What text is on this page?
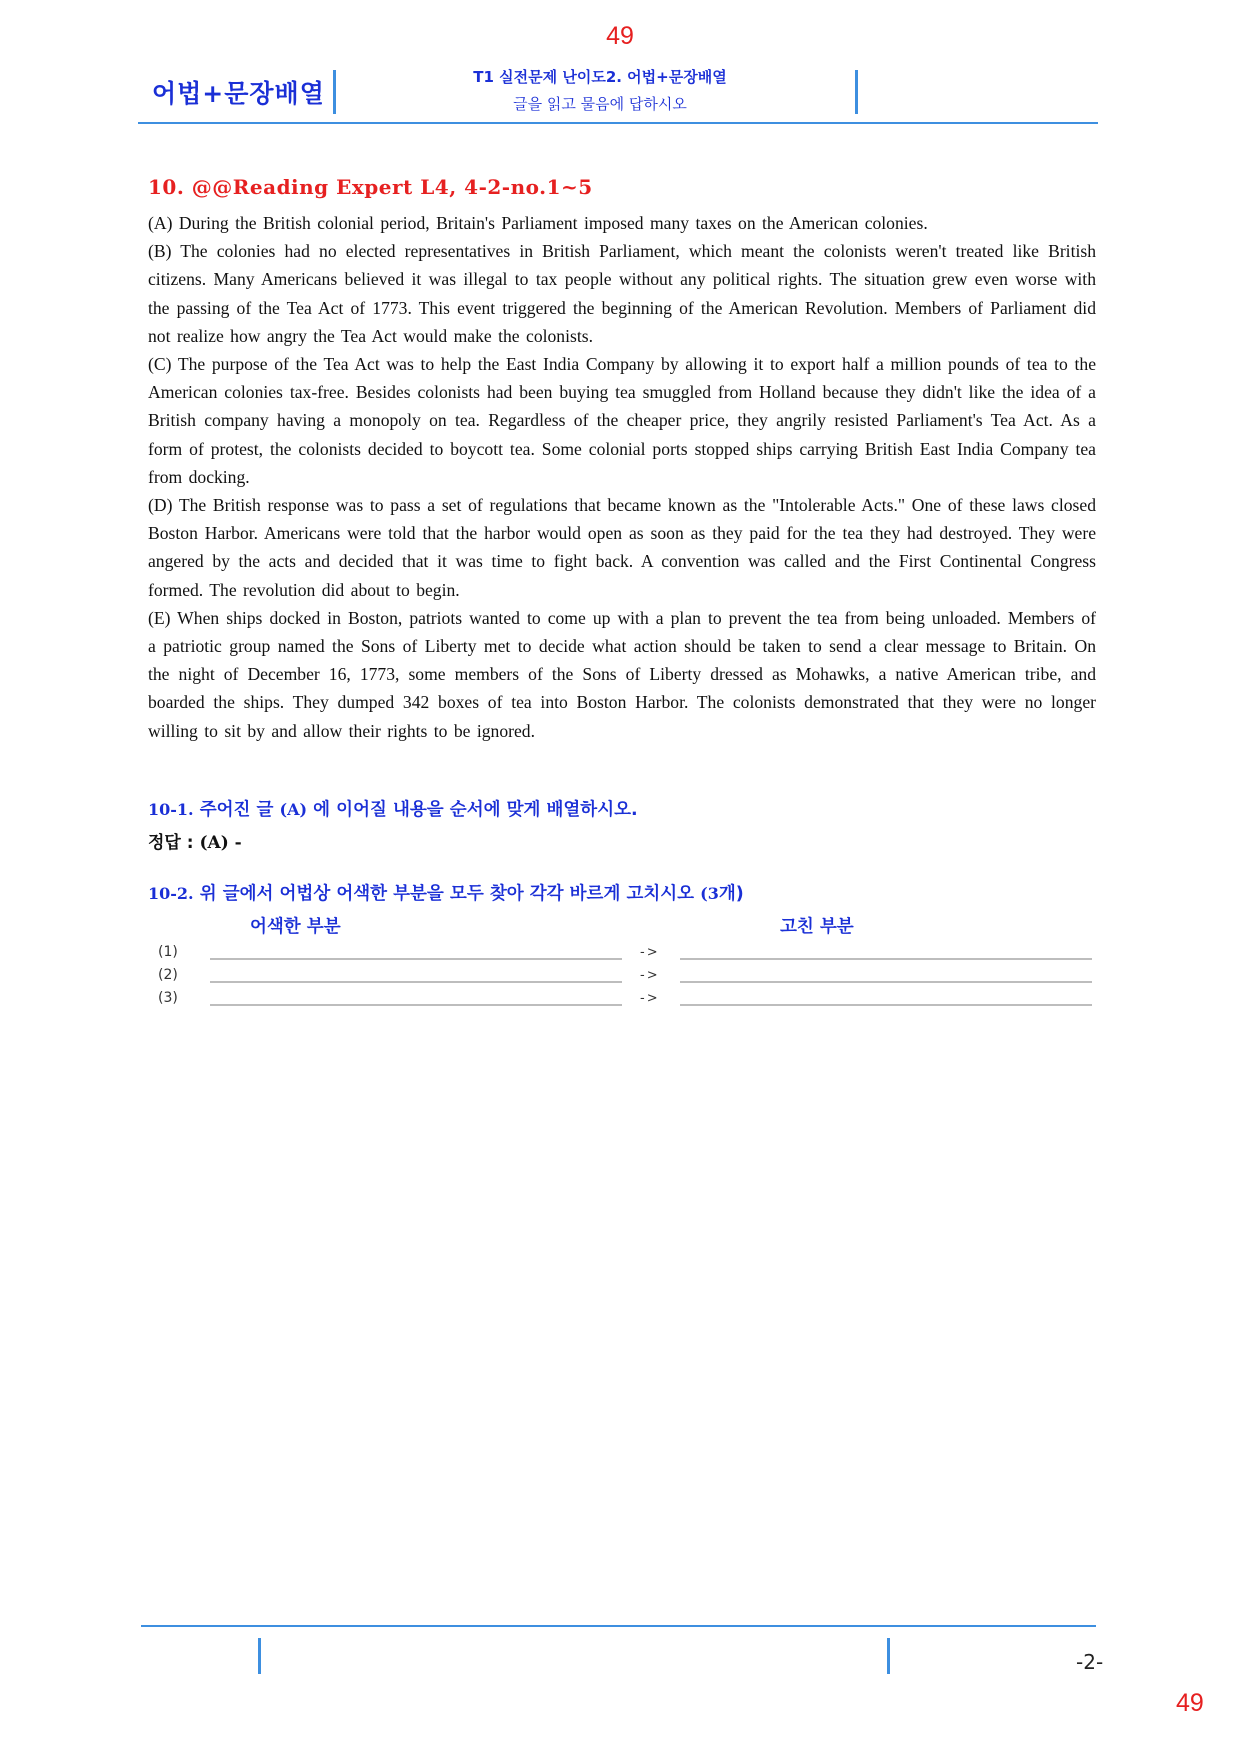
49
어법+문장배열
T1 실전문제 난이도2. 어법+문장배열
글을 읽고 물음에 답하시오
10. @@Reading Expert L4, 4-2-no.1~5

(A) During the British colonial period, Britain's Parliament imposed many taxes on the American colonies.

(B) The colonies had no elected representatives in British Parliament, which meant the colonists weren't treated like British citizens. Many Americans believed it was illegal to tax people without any political rights. The situation grew even worse with the passing of the Tea Act of 1773. This event triggered the beginning of the American Revolution. Members of Parliament did not realize how angry the Tea Act would make the colonists.

(C) The purpose of the Tea Act was to help the East India Company by allowing it to export half a million pounds of tea to the American colonies tax-free. Besides colonists had been buying tea smuggled from Holland because they didn't like the idea of a British company having a monopoly on tea. Regardless of the cheaper price, they angrily resisted Parliament's Tea Act. As a form of protest, the colonists decided to boycott tea. Some colonial ports stopped ships carrying British East India Company tea from docking.

(D) The British response was to pass a set of regulations that became known as the "Intolerable Acts." One of these laws closed Boston Harbor. Americans were told that the harbor would open as soon as they paid for the tea they had destroyed. They were angered by the acts and decided that it was time to fight back. A convention was called and the First Continental Congress formed. The revolution did about to begin.

(E) When ships docked in Boston, patriots wanted to come up with a plan to prevent the tea from being unloaded. Members of a patriotic group named the Sons of Liberty met to decide what action should be taken to send a clear message to Britain. On the night of December 16, 1773, some members of the Sons of Liberty dressed as Mohawks, a native American tribe, and boarded the ships. They dumped 342 boxes of tea into Boston Harbor. The colonists demonstrated that they were no longer willing to sit by and allow their rights to be ignored.

10-1. 주어진 글 (A) 에 이어질 내용을 순서에 맞게 배열하시오.
정답 : (A) -
10-2. 위 글에서 어법상 어색한 부분을 모두 찾아 각각 바르게 고치시오 (3개)
어색한 부분	고친 부분
(1)	->
(2)	->
(3)	->
-2-
49
